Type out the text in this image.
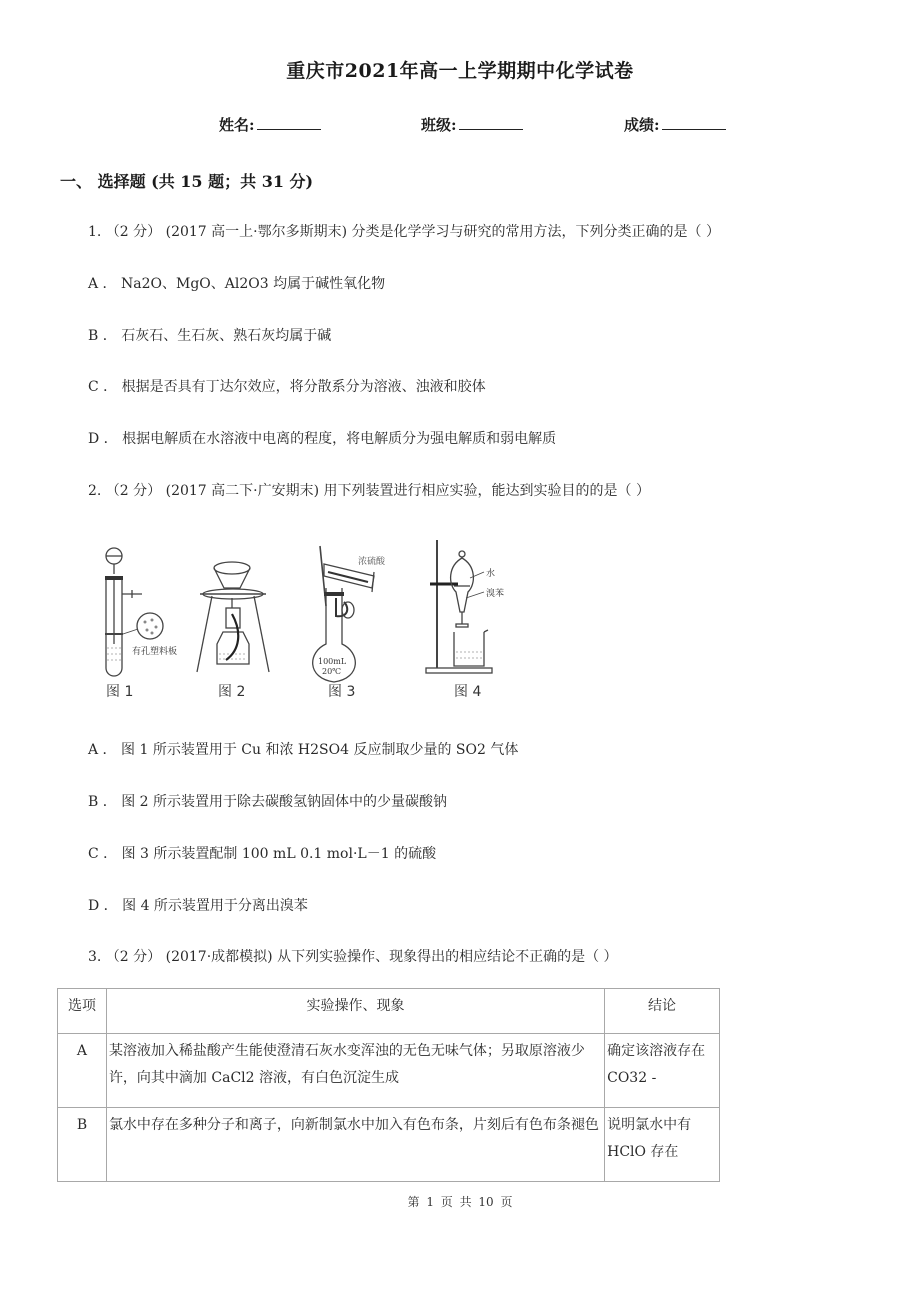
重庆市2021年高一上学期期中化学试卷
姓名:	班级:	成绩:
一、 选择题 (共 15 题；共 31 分)
1. （2 分） (2017 高一上·鄂尔多斯期末) 分类是化学学习与研究的常用方法，下列分类正确的是（ ）
A ． Na2O、MgO、Al2O3 均属于碱性氧化物
B ． 石灰石、生石灰、熟石灰均属于碱
C ． 根据是否具有丁达尔效应，将分散系分为溶液、浊液和胶体
D ． 根据电解质在水溶液中电离的程度，将电解质分为强电解质和弱电解质
2. （2 分） (2017 高二下·广安期末) 用下列装置进行相应实验，能达到实验目的的是（ ）
有孔塑料板
100mL
20℃
浓硫酸
水
溴苯
图 1	图 2	图 3	图 4
A ． 图 1 所示装置用于 Cu 和浓 H2SO4 反应制取少量的 SO2 气体
B ． 图 2 所示装置用于除去碳酸氢钠固体中的少量碳酸钠
C ． 图 3 所示装置配制 100 mL 0.1 mol·L－1 的硫酸
D ． 图 4 所示装置用于分离出溴苯
3. （2 分） (2017·成都模拟) 从下列实验操作、现象得出的相应结论不正确的是（ ）
选项	实验操作、现象	结论
A	某溶液加入稀盐酸产生能使澄清石灰水变浑浊的无色无味气体；另取原溶液少许，向其中滴加 CaCl2 溶液，有白色沉淀生成	确定该溶液存在 CO32 -
B	氯水中存在多种分子和离子，向新制氯水中加入有色布条，片刻后有色布条褪色	说明氯水中有 HClO 存在
第 1 页 共 10 页
